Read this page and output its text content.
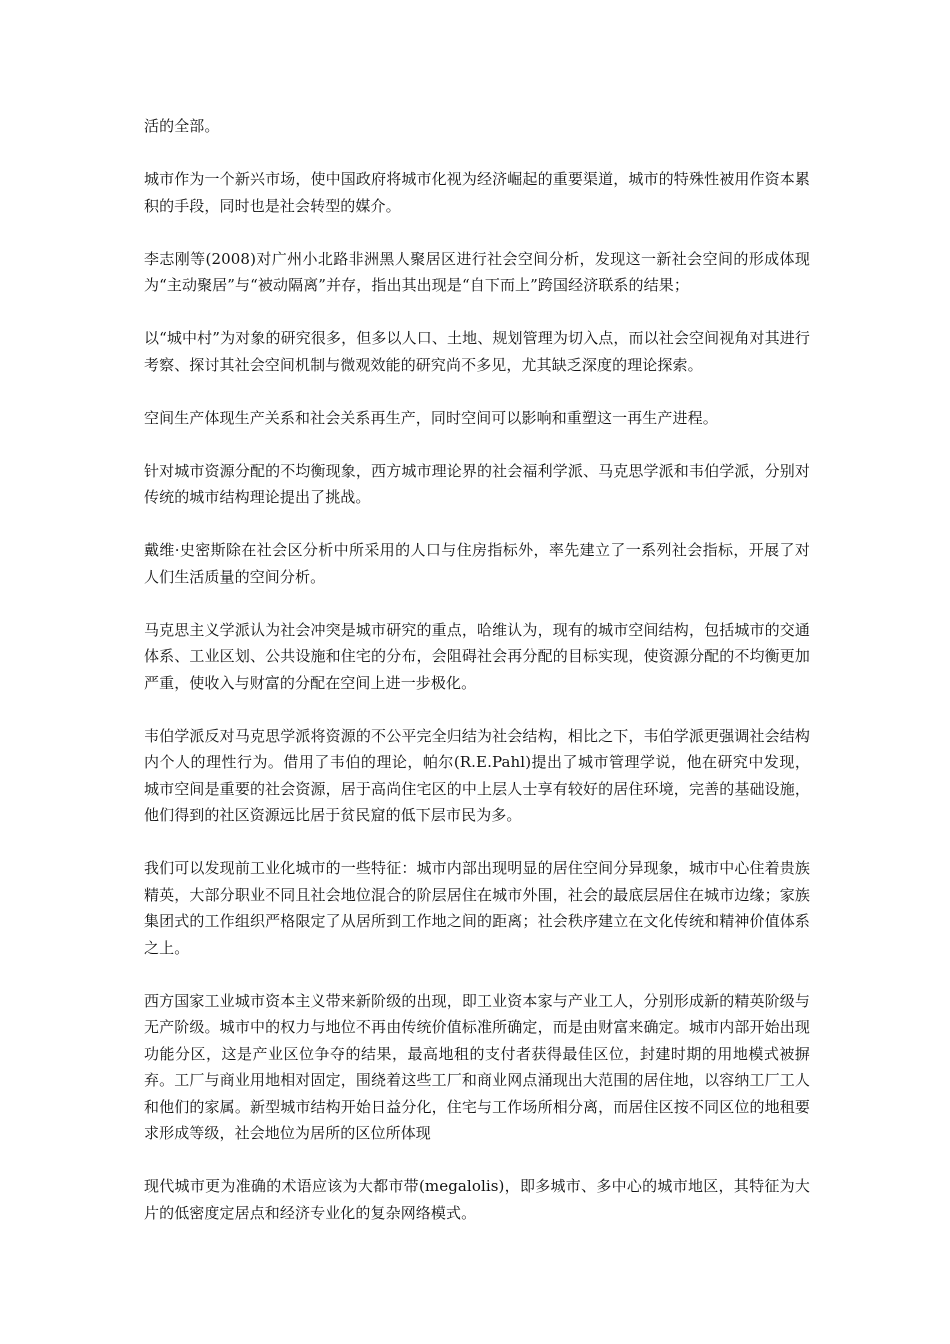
活的全部。

城市作为一个新兴市场，使中国政府将城市化视为经济崛起的重要渠道，城市的特殊性被用作资本累积的手段，同时也是社会转型的媒介。

李志刚等(2008)对广州小北路非洲黑人聚居区进行社会空间分析，发现这一新社会空间的形成体现为“主动聚居”与“被动隔离”并存，指出其出现是“自下而上”跨国经济联系的结果；

以“城中村”为对象的研究很多，但多以人口、土地、规划管理为切入点，而以社会空间视角对其进行考察、探讨其社会空间机制与微观效能的研究尚不多见，尤其缺乏深度的理论探索。

空间生产体现生产关系和社会关系再生产，同时空间可以影响和重塑这一再生产进程。

针对城市资源分配的不均衡现象，西方城市理论界的社会福利学派、马克思学派和韦伯学派，分别对传统的城市结构理论提出了挑战。

戴维·史密斯除在社会区分析中所采用的人口与住房指标外，率先建立了一系列社会指标，开展了对人们生活质量的空间分析。

马克思主义学派认为社会冲突是城市研究的重点，哈维认为，现有的城市空间结构，包括城市的交通体系、工业区划、公共设施和住宅的分布，会阻碍社会再分配的目标实现，使资源分配的不均衡更加严重，使收入与财富的分配在空间上进一步极化。

韦伯学派反对马克思学派将资源的不公平完全归结为社会结构，相比之下，韦伯学派更强调社会结构内个人的理性行为。借用了韦伯的理论，帕尔(R.E.Pahl)提出了城市管理学说，他在研究中发现，城市空间是重要的社会资源，居于高尚住宅区的中上层人士享有较好的居住环境，完善的基础设施，他们得到的社区资源远比居于贫民窟的低下层市民为多。

我们可以发现前工业化城市的一些特征：城市内部出现明显的居住空间分异现象，城市中心住着贵族精英，大部分职业不同且社会地位混合的阶层居住在城市外围，社会的最底层居住在城市边缘；家族集团式的工作组织严格限定了从居所到工作地之间的距离；社会秩序建立在文化传统和精神价值体系之上。

西方国家工业城市资本主义带来新阶级的出现，即工业资本家与产业工人，分别形成新的精英阶级与无产阶级。城市中的权力与地位不再由传统价值标准所确定，而是由财富来确定。城市内部开始出现功能分区，这是产业区位争夺的结果，最高地租的支付者获得最佳区位，封建时期的用地模式被摒弃。工厂与商业用地相对固定，围绕着这些工厂和商业网点涌现出大范围的居住地，以容纳工厂工人和他们的家属。新型城市结构开始日益分化，住宅与工作场所相分离，而居住区按不同区位的地租要求形成等级，社会地位为居所的区位所体现

现代城市更为准确的术语应该为大都市带(megalolis)，即多城市、多中心的城市地区，其特征为大片的低密度定居点和经济专业化的复杂网络模式。
